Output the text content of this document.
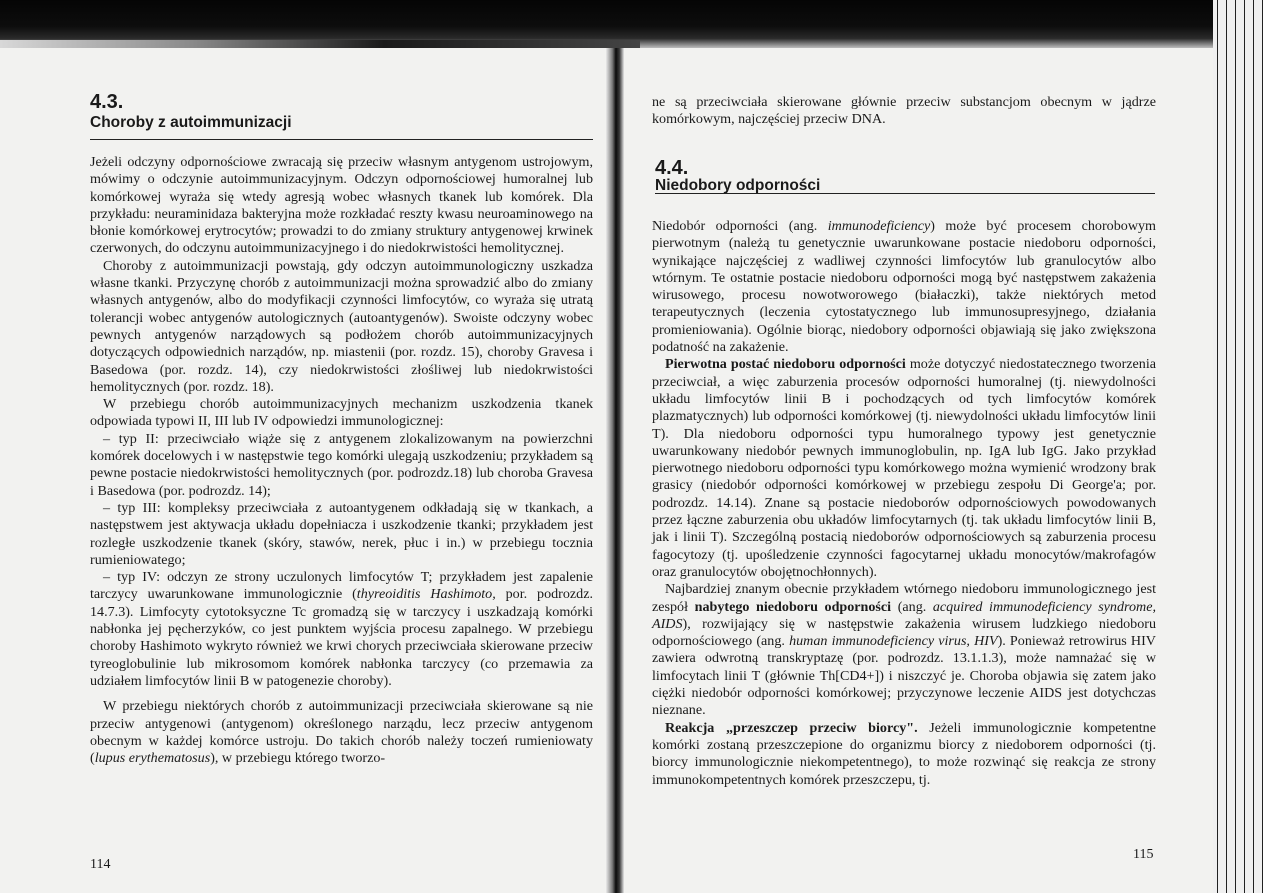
4.3.
Choroby z autoimmunizacji

Jeżeli odczyny odpornościowe zwracają się przeciw własnym antygenom ustrojowym, mówimy o odczynie autoimmunizacyjnym. Odczyn odpornościowej humoralnej lub komórkowej wyraża się wtedy agresją wobec własnych tkanek lub komórek. Dla przykładu: neuraminidaza bakteryjna może rozkładać reszty kwasu neuroaminowego na błonie komórkowej erytrocytów; prowadzi to do zmiany struktury antygenowej krwinek czerwonych, do odczynu autoimmunizacyjnego i do niedokrwistości hemolitycznej.

Choroby z autoimmunizacji powstają, gdy odczyn autoimmunologiczny uszkadza własne tkanki. Przyczynę chorób z autoimmunizacji można sprowadzić albo do zmiany własnych antygenów, albo do modyfikacji czynności limfocytów, co wyraża się utratą tolerancji wobec antygenów autologicznych (autoantygenów). Swoiste odczyny wobec pewnych antygenów narządowych są podłożem chorób autoimmunizacyjnych dotyczących odpowiednich narządów, np. miastenii (por. rozdz. 15), choroby Gravesa i Basedowa (por. rozdz. 14), czy niedokrwistości złośliwej lub niedokrwistości hemolitycznych (por. rozdz. 18).

W przebiegu chorób autoimmunizacyjnych mechanizm uszkodzenia tkanek odpowiada typowi II, III lub IV odpowiedzi immunologicznej:

– typ II: przeciwciało wiąże się z antygenem zlokalizowanym na powierzchni komórek docelowych i w następstwie tego komórki ulegają uszkodzeniu; przykładem są pewne postacie niedokrwistości hemolitycznych (por. podrozdz.18) lub choroba Gravesa i Basedowa (por. podrozdz. 14);

– typ III: kompleksy przeciwciała z autoantygenem odkładają się w tkankach, a następstwem jest aktywacja układu dopełniacza i uszkodzenie tkanki; przykładem jest rozległe uszkodzenie tkanek (skóry, stawów, nerek, płuc i in.) w przebiegu tocznia rumieniowatego;

– typ IV: odczyn ze strony uczulonych limfocytów T; przykładem jest zapalenie tarczycy uwarunkowane immunologicznie (thyreoiditis Hashimoto, por. podrozdz. 14.7.3). Limfocyty cytotoksyczne Tc gromadzą się w tarczycy i uszkadzają komórki nabłonka jej pęcherzyków, co jest punktem wyjścia procesu zapalnego. W przebiegu choroby Hashimoto wykryto również we krwi chorych przeciwciała skierowane przeciw tyreoglobulinie lub mikrosomom komórek nabłonka tarczycy (co przemawia za udziałem limfocytów linii B w patogenezie choroby).

W przebiegu niektórych chorób z autoimmunizacji przeciwciała skierowane są nie przeciw antygenowi (antygenom) określonego narządu, lecz przeciw antygenom obecnym w każdej komórce ustroju. Do takich chorób należy toczeń rumieniowaty (lupus erythematosus), w przebiegu którego tworzo-

114

ne są przeciwciała skierowane głównie przeciw substancjom obecnym w jądrze komórkowym, najczęściej przeciw DNA.

4.4.
Niedobory odporności

Niedobór odporności (ang. immunodeficiency) może być procesem chorobowym pierwotnym (należą tu genetycznie uwarunkowane postacie niedoboru odporności, wynikające najczęściej z wadliwej czynności limfocytów lub granulocytów albo wtórnym. Te ostatnie postacie niedoboru odporności mogą być następstwem zakażenia wirusowego, procesu nowotworowego (białaczki), także niektórych metod terapeutycznych (leczenia cytostatycznego lub immunosupresyjnego, działania promieniowania). Ogólnie biorąc, niedobory odporności objawiają się jako zwiększona podatność na zakażenie.

Pierwotna postać niedoboru odporności może dotyczyć niedostatecznego tworzenia przeciwciał, a więc zaburzenia procesów odporności humoralnej (tj. niewydolności układu limfocytów linii B i pochodzących od tych limfocytów komórek plazmatycznych) lub odporności komórkowej (tj. niewydolności układu limfocytów linii T). Dla niedoboru odporności typu humoralnego typowy jest genetycznie uwarunkowany niedobór pewnych immunoglobulin, np. IgA lub IgG. Jako przykład pierwotnego niedoboru odporności typu komórkowego można wymienić wrodzony brak grasicy (niedobór odporności komórkowej w przebiegu zespołu Di George'a; por. podrozdz. 14.14). Znane są postacie niedoborów odpornościowych powodowanych przez łączne zaburzenia obu układów limfocytarnych (tj. tak układu limfocytów linii B, jak i linii T). Szczególną postacią niedoborów odpornościowych są zaburzenia procesu fagocytozy (tj. upośledzenie czynności fagocytarnej układu monocytów/makrofagów oraz granulocytów obojętnochłonnych).

Najbardziej znanym obecnie przykładem wtórnego niedoboru immunologicznego jest zespół nabytego niedoboru odporności (ang. acquired immunodeficiency syndrome, AIDS), rozwijający się w następstwie zakażenia wirusem ludzkiego niedoboru odpornościowego (ang. human immunodeficiency virus, HIV). Ponieważ retrowirus HIV zawiera odwrotną transkryptazę (por. podrozdz. 13.1.1.3), może namnażać się w limfocytach linii T (głównie Th[CD4+]) i niszczyć je. Choroba objawia się zatem jako ciężki niedobór odporności komórkowej; przyczynowe leczenie AIDS jest dotychczas nieznane.

Reakcja „przeszczep przeciw biorcy". Jeżeli immunologicznie kompetentne komórki zostaną przeszczepione do organizmu biorcy z niedoborem odporności (tj. biorcy immunologicznie niekompetentnego), to może rozwinąć się reakcja ze strony immunokompetentnych komórek przeszczepu, tj.

115
